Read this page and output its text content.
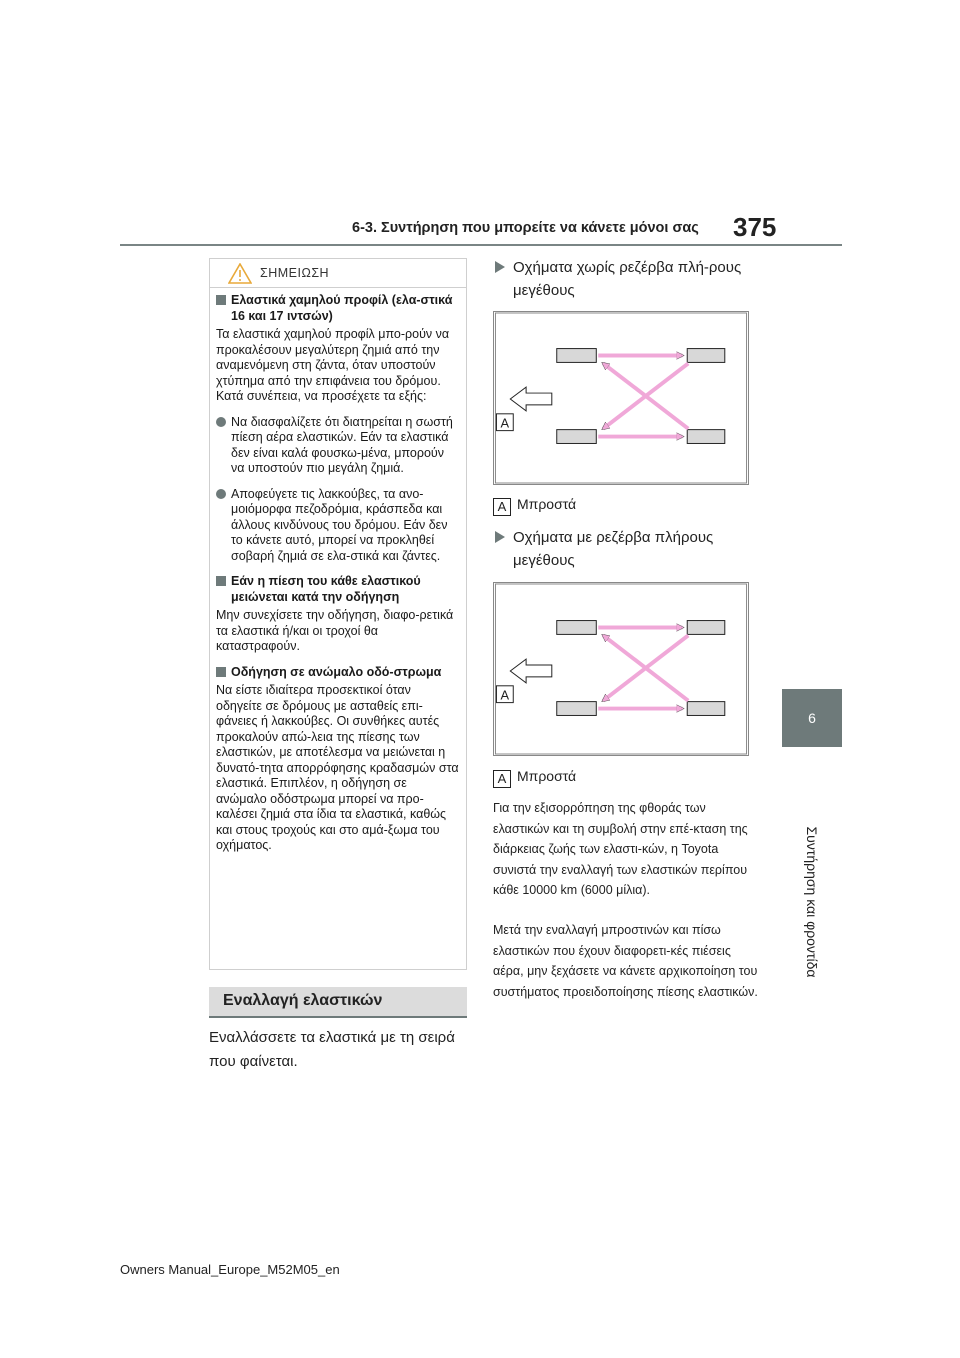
6-3. Συντήρηση που μπορείτε να κάνετε μόνοι σας 375
6
Συντήρηση και φροντίδα
ΣΗΜΕΙΩΣΗ
Ελαστικά χαμηλού προφίλ (ελα-στικά 16 και 17 ιντσών)

Τα ελαστικά χαμηλού προφίλ μπο-ρούν να προκαλέσουν μεγαλύτερη ζημιά από την αναμενόμενη στη ζάντα, όταν υποστούν χτύπημα από την επιφάνεια του δρόμου. Κατά συνέπεια, να προσέχετε τα εξής:

Να διασφαλίζετε ότι διατηρείται η σωστή πίεση αέρα ελαστικών. Εάν τα ελαστικά δεν είναι καλά φουσκω-μένα, μπορούν να υποστούν πιο μεγάλη ζημιά.
Αποφεύγετε τις λακκούβες, τα ανο-μοιόμορφα πεζοδρόμια, κράσπεδα και άλλους κινδύνους του δρόμου. Εάν δεν το κάνετε αυτό, μπορεί να προκληθεί σοβαρή ζημιά σε ελα-στικά και ζάντες.
Εάν η πίεση του κάθε ελαστικού μειώνεται κατά την οδήγηση

Μην συνεχίσετε την οδήγηση, διαφο-ρετικά τα ελαστικά ή/και οι τροχοί θα καταστραφούν.

Οδήγηση σε ανώμαλο οδό-στρωμα

Να είστε ιδιαίτερα προσεκτικοί όταν οδηγείτε σε δρόμους με ασταθείς επι-φάνειες ή λακκούβες. Οι συνθήκες αυτές προκαλούν απώ-λεια της πίεσης των ελαστικών, με αποτέλεσμα να μειώνεται η δυνατό-τητα απορρόφησης κραδασμών στα ελαστικά. Επιπλέον, η οδήγηση σε ανώμαλο οδόστρωμα μπορεί να προ-καλέσει ζημιά στα ίδια τα ελαστικά, καθώς και στους τροχούς και στο αμά-ξωμα του οχήματος.

Εναλλαγή ελαστικών
Εναλλάσσετε τα ελαστικά με τη σειρά που φαίνεται.
Οχήματα χωρίς ρεζέρβα πλή-ρους μεγέθους
A
A Μπροστά
Οχήματα με ρεζέρβα πλήρους μεγέθους
A
A Μπροστά
Για την εξισορρόπηση της φθοράς των ελαστικών και τη συμβολή στην επέ-κταση της διάρκειας ζωής των ελαστι-κών, η Toyota συνιστά την εναλλαγή των ελαστικών περίπου κάθε 10000 km (6000 μίλια).
Μετά την εναλλαγή μπροστινών και πίσω ελαστικών που έχουν διαφορετι-κές πιέσεις αέρα, μην ξεχάσετε να κάνετε αρχικοποίηση του συστήματος προειδοποίησης πίεσης ελαστικών.
Owners Manual_Europe_M52M05_en
